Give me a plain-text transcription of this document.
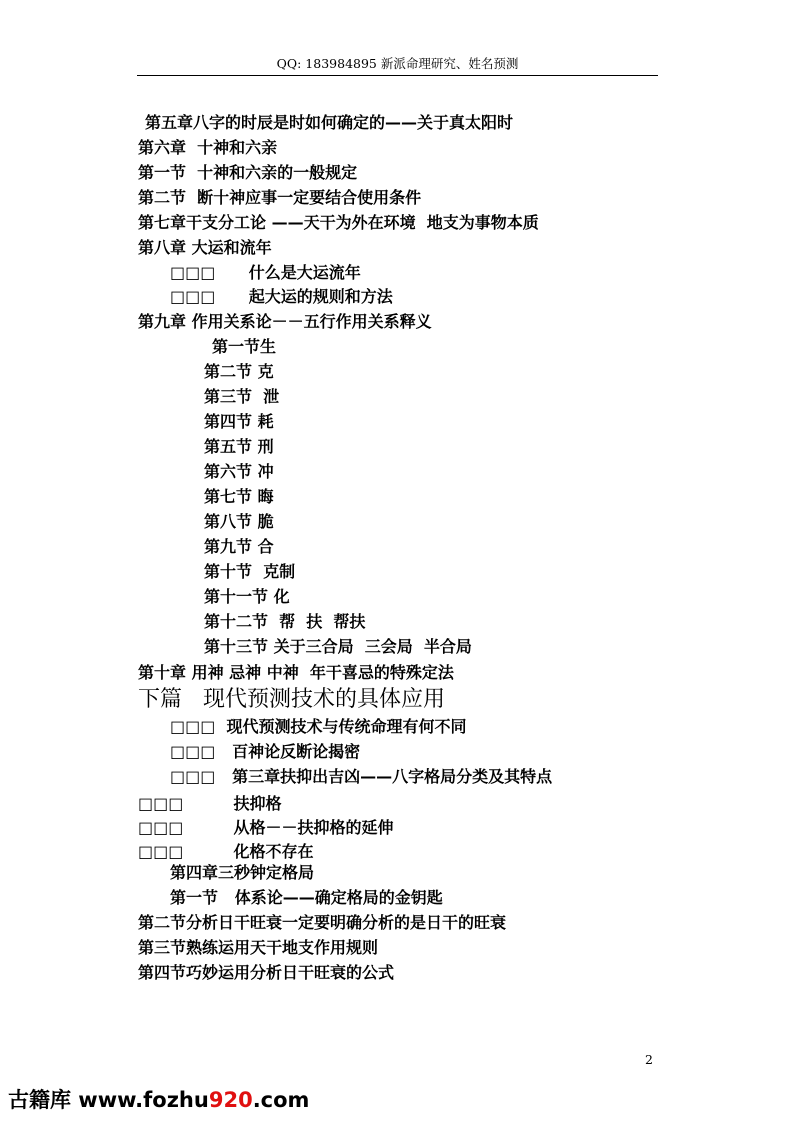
QQ: 183984895 新派命理研究、姓名预测
第五章八字的时辰是时如何确定的——关于真太阳时
第六章  十神和六亲
第一节  十神和六亲的一般规定
第二节  断十神应事一定要结合使用条件
第七章干支分工论 ——天干为外在环境  地支为事物本质
第八章 大运和流年
□□□      什么是大运流年
□□□      起大运的规则和方法
第九章 作用关系论－－五行作用关系释义
第一节生
第二节 克
第三节  泄
第四节 耗
第五节 刑
第六节 冲
第七节 晦
第八节 脆
第九节 合
第十节  克制
第十一节 化
第十二节  帮  扶  帮扶
第十三节 关于三合局  三会局  半合局
第十章 用神 忌神 中神  年干喜忌的特殊定法
下篇   现代预测技术的具体应用
□□□  现代预测技术与传统命理有何不同
□□□   百神论反断论揭密
□□□   第三章扶抑出吉凶——八字格局分类及其特点
□□□         扶抑格
□□□         从格－－扶抑格的延伸
□□□         化格不存在
第四章三秒钟定格局
第一节   体系论——确定格局的金钥匙
第二节分析日干旺衰一定要明确分析的是日干的旺衰
第三节熟练运用天干地支作用规则
第四节巧妙运用分析日干旺衰的公式
2
古籍库 www.fozhu920.com
